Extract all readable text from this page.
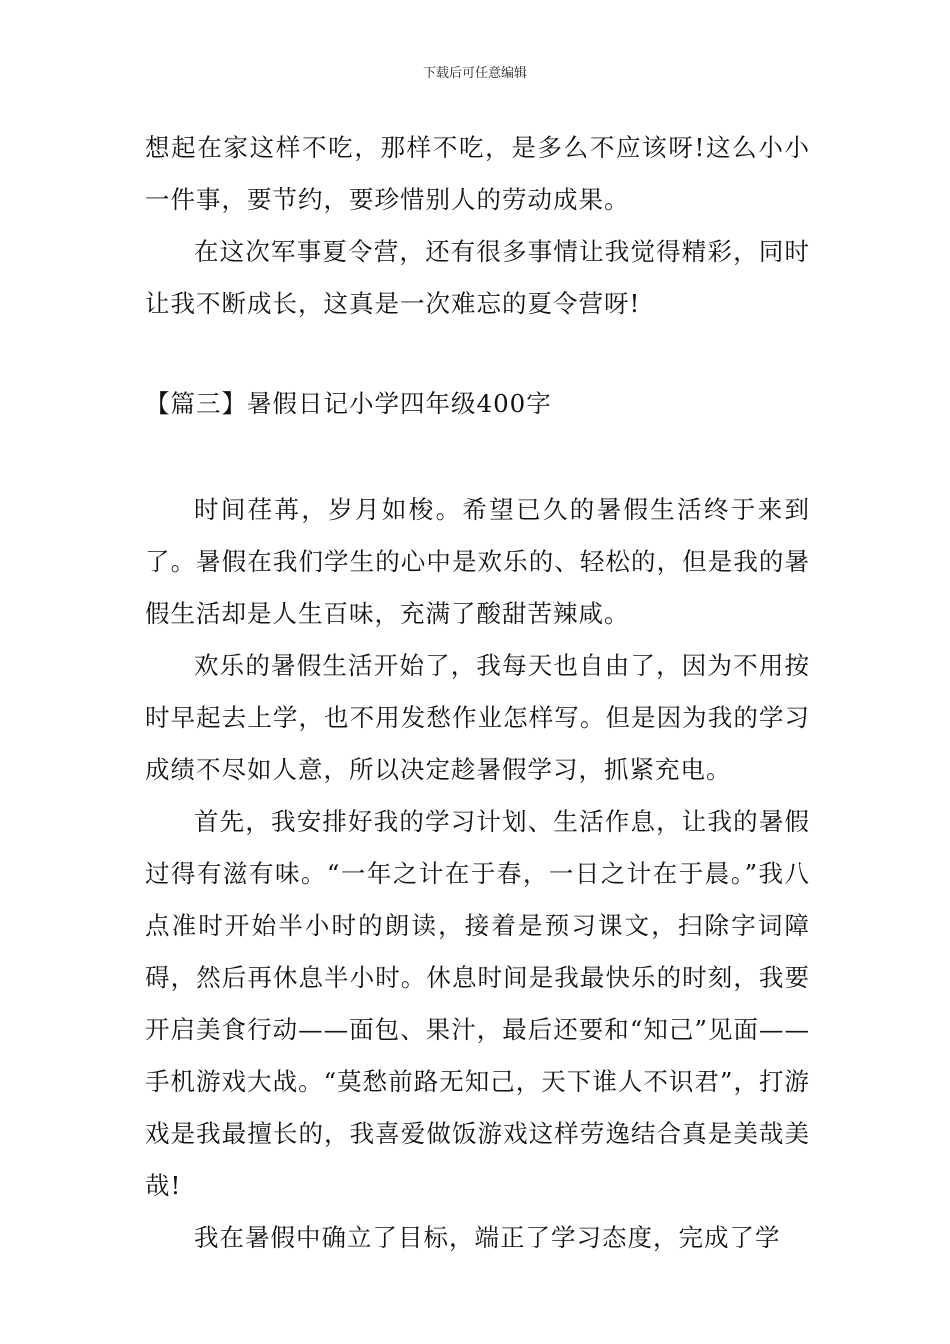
下载后可任意编辑

想起在家这样不吃，那样不吃，是多么不应该呀!这么小小一件事，要节约，要珍惜别人的劳动成果。

在这次军事夏令营，还有很多事情让我觉得精彩，同时让我不断成长，这真是一次难忘的夏令营呀!

【篇三】暑假日记小学四年级400字

时间荏苒，岁月如梭。希望已久的暑假生活终于来到了。暑假在我们学生的心中是欢乐的、轻松的，但是我的暑假生活却是人生百味，充满了酸甜苦辣咸。

欢乐的暑假生活开始了，我每天也自由了，因为不用按时早起去上学，也不用发愁作业怎样写。但是因为我的学习成绩不尽如人意，所以决定趁暑假学习，抓紧充电。

首先，我安排好我的学习计划、生活作息，让我的暑假过得有滋有味。“一年之计在于春，一日之计在于晨。”我八点准时开始半小时的朗读，接着是预习课文，扫除字词障碍，然后再休息半小时。休息时间是我最快乐的时刻，我要开启美食行动——面包、果汁，最后还要和“知己”见面——手机游戏大战。“莫愁前路无知己，天下谁人不识君”，打游戏是我最擅长的，我喜爱做饭游戏这样劳逸结合真是美哉美哉!

我在暑假中确立了目标，端正了学习态度，完成了学
